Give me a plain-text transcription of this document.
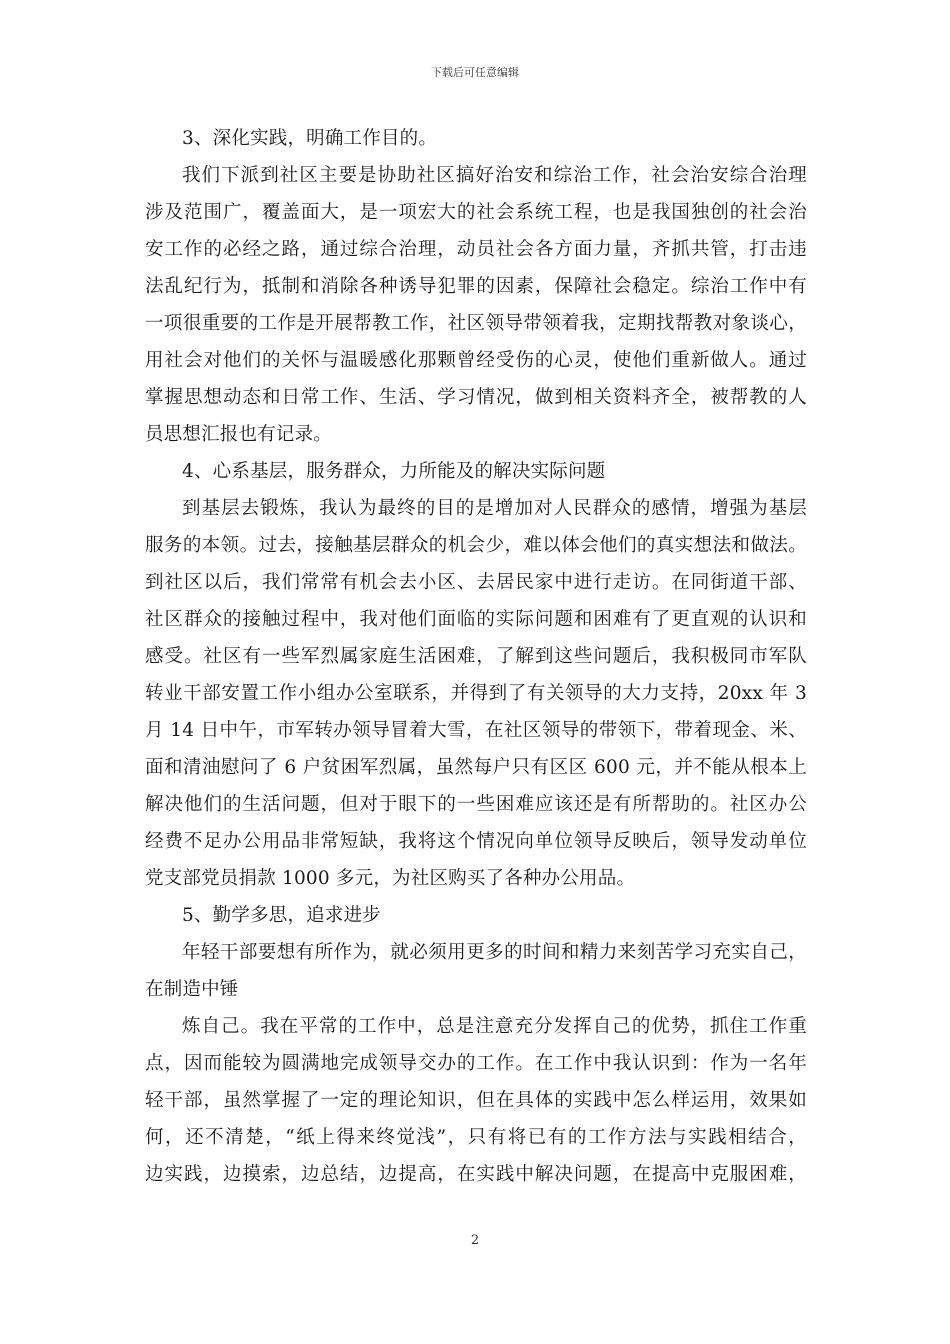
下载后可任意编辑
3、深化实践，明确工作目的。
我们下派到社区主要是协助社区搞好治安和综治工作，社会治安综合治理
涉及范围广，覆盖面大，是一项宏大的社会系统工程，也是我国独创的社会治
安工作的必经之路，通过综合治理，动员社会各方面力量，齐抓共管，打击违
法乱纪行为，抵制和消除各种诱导犯罪的因素，保障社会稳定。综治工作中有
一项很重要的工作是开展帮教工作，社区领导带领着我，定期找帮教对象谈心，
用社会对他们的关怀与温暖感化那颗曾经受伤的心灵，使他们重新做人。通过
掌握思想动态和日常工作、生活、学习情况，做到相关资料齐全，被帮教的人
员思想汇报也有记录。
4、心系基层，服务群众，力所能及的解决实际问题
到基层去锻炼，我认为最终的目的是增加对人民群众的感情，增强为基层
服务的本领。过去，接触基层群众的机会少，难以体会他们的真实想法和做法。
到社区以后，我们常常有机会去小区、去居民家中进行走访。在同街道干部、
社区群众的接触过程中，我对他们面临的实际问题和困难有了更直观的认识和
感受。社区有一些军烈属家庭生活困难，了解到这些问题后，我积极同市军队
转业干部安置工作小组办公室联系，并得到了有关领导的大力支持，20xx 年 3
月 14 日中午，市军转办领导冒着大雪，在社区领导的带领下，带着现金、米、
面和清油慰问了 6 户贫困军烈属，虽然每户只有区区 600 元，并不能从根本上
解决他们的生活问题，但对于眼下的一些困难应该还是有所帮助的。社区办公
经费不足办公用品非常短缺，我将这个情况向单位领导反映后，领导发动单位
党支部党员捐款 1000 多元，为社区购买了各种办公用品。
5、勤学多思，追求进步
年轻干部要想有所作为，就必须用更多的时间和精力来刻苦学习充实自己，
在制造中锤
炼自己。我在平常的工作中，总是注意充分发挥自己的优势，抓住工作重
点，因而能较为圆满地完成领导交办的工作。在工作中我认识到：作为一名年
轻干部，虽然掌握了一定的理论知识，但在具体的实践中怎么样运用，效果如
何，还不清楚，“纸上得来终觉浅”，只有将已有的工作方法与实践相结合，
边实践，边摸索，边总结，边提高，在实践中解决问题，在提高中克服困难，
2
